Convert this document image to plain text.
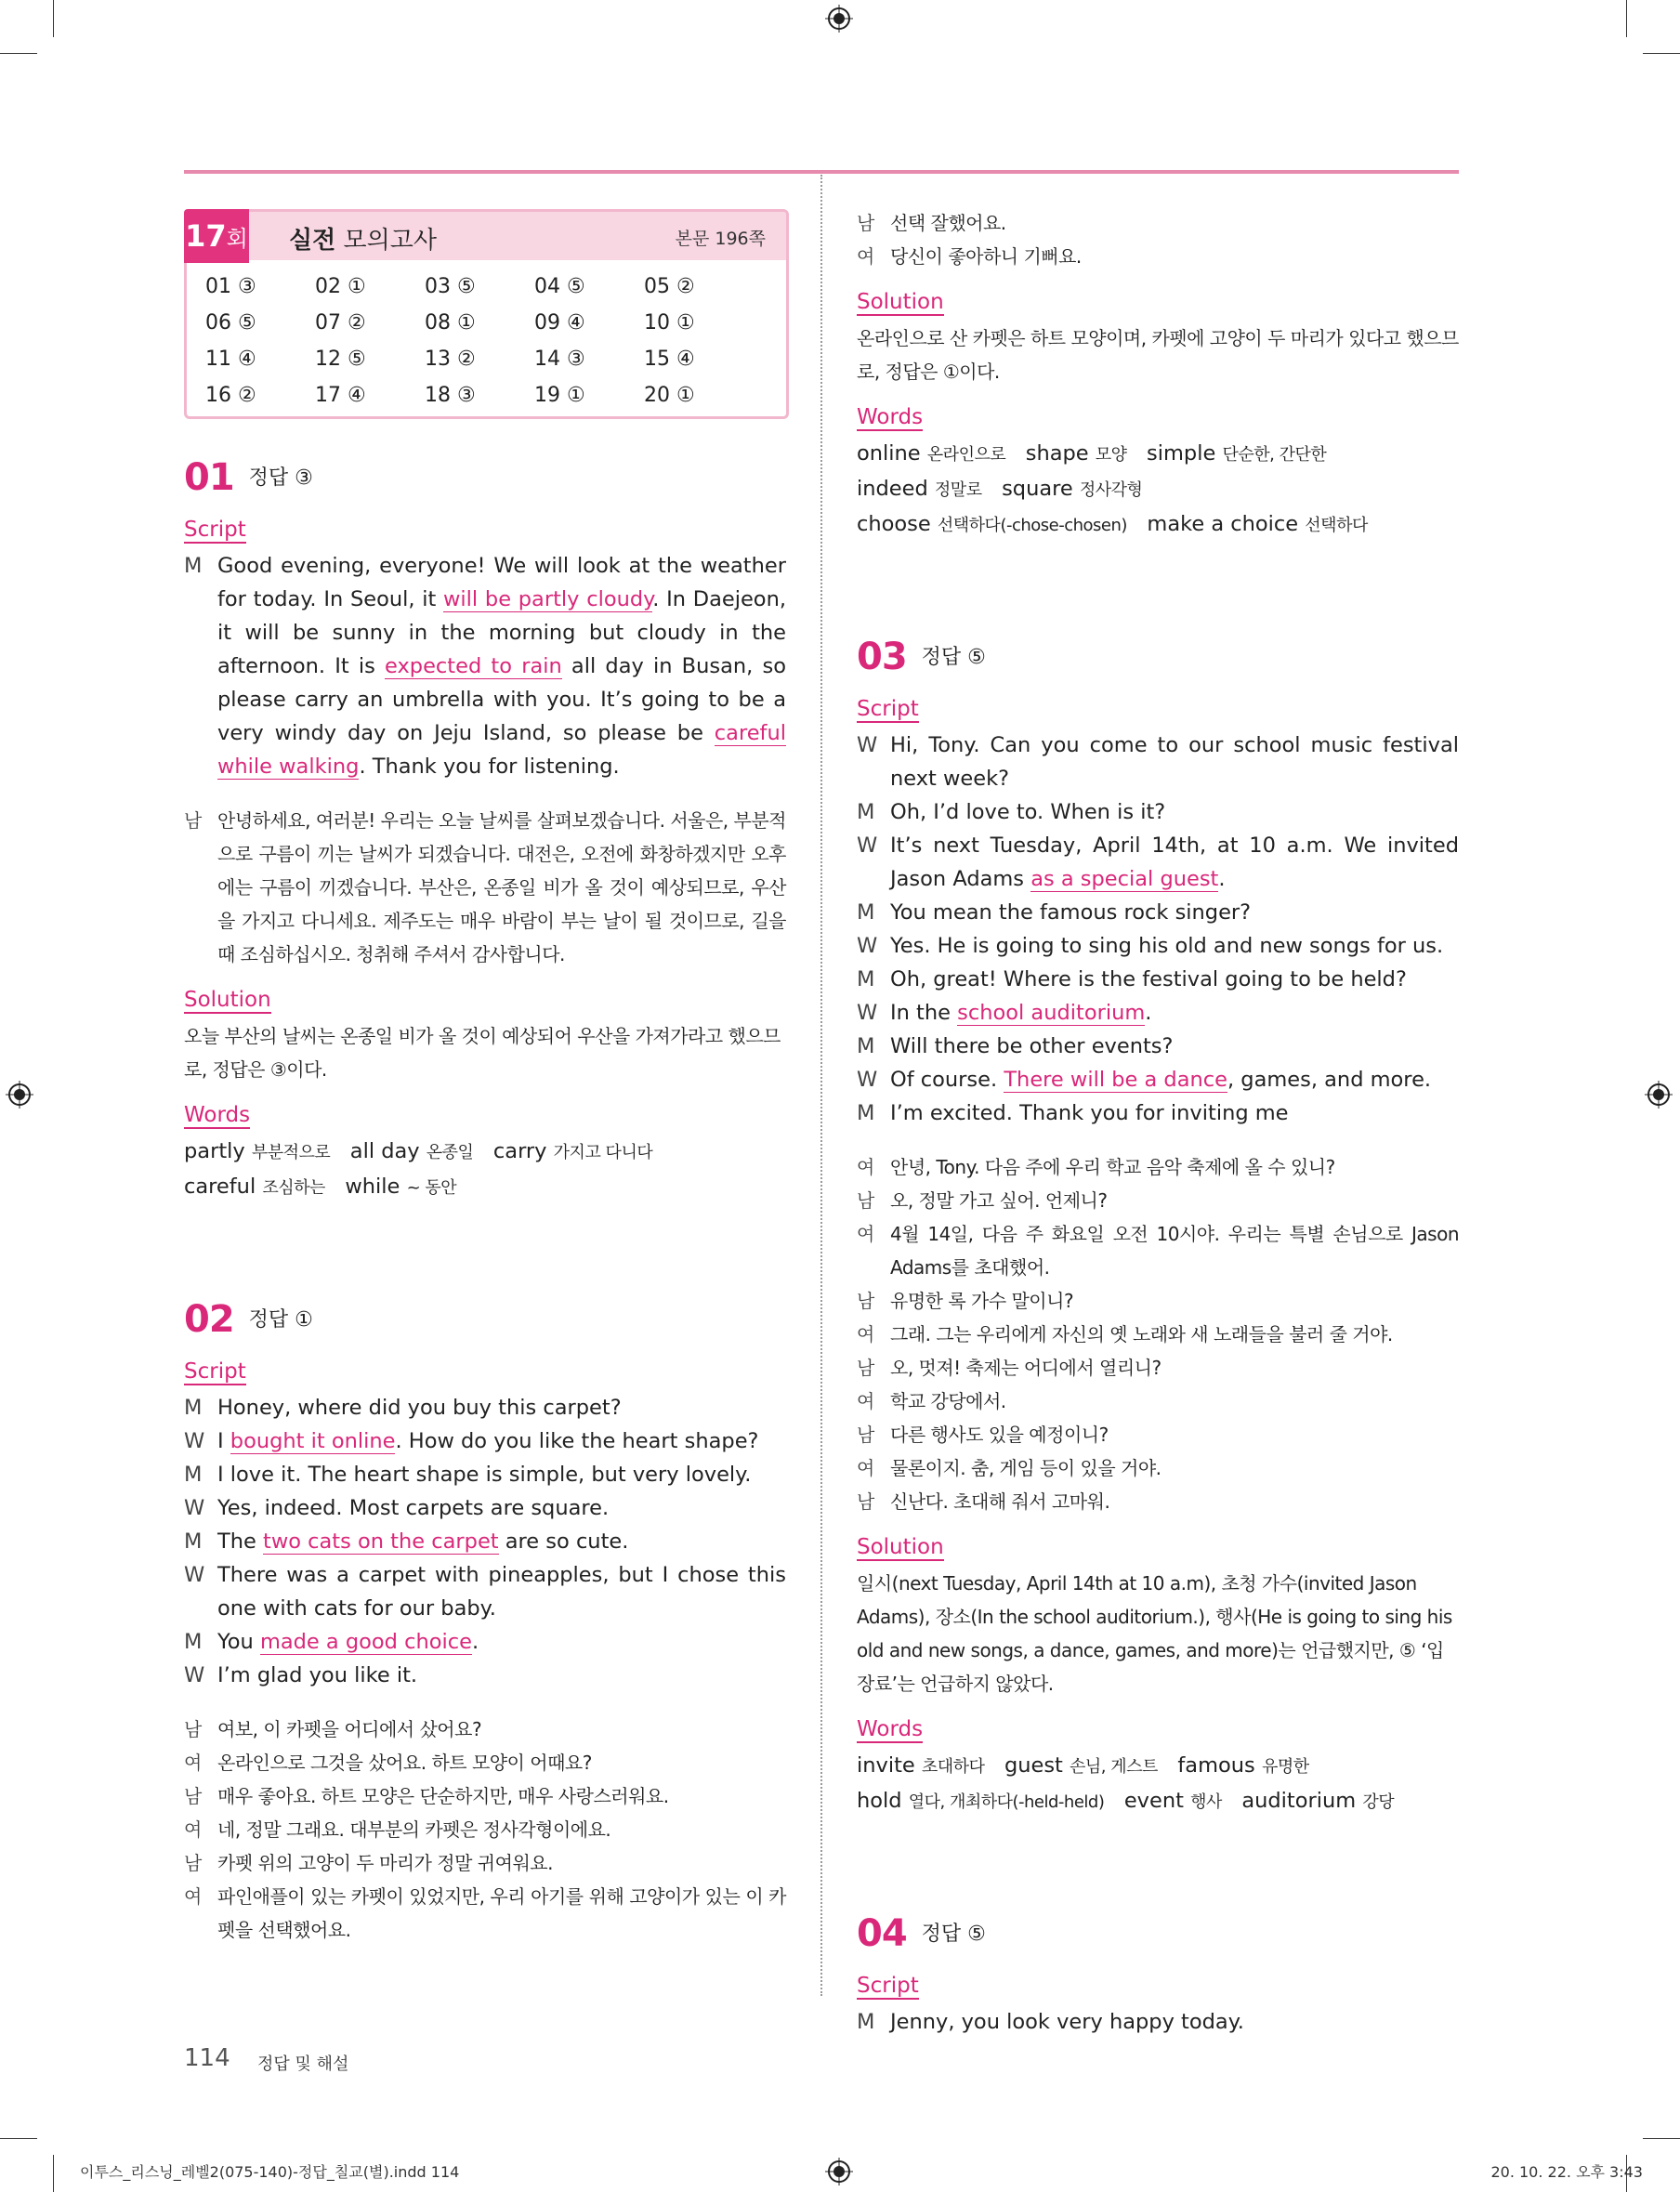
17회 실전 모의고사	본문 196쪽
01 ③	02 ①	03 ⑤	04 ⑤	05 ②
06 ⑤	07 ②	08 ①	09 ④	10 ①
11 ④	12 ⑤	13 ②	14 ③	15 ④
16 ②	17 ④	18 ③	19 ①	20 ①
01 정답 ③
Script
M Good evening, everyone! We will look at the weather for today. In Seoul, it will be partly cloudy. In Daejeon, it will be sunny in the morning but cloudy in the afternoon. It is expected to rain all day in Busan, so please carry an umbrella with you. It’s going to be a very windy day on Jeju Island, so please be careful while walking. Thank you for listening.
남 안녕하세요, 여러분! 우리는 오늘 날씨를 살펴보겠습니다. 서울은, 부분적으로 구름이 끼는 날씨가 되겠습니다. 대전은, 오전에 화창하겠지만 오후에는 구름이 끼겠습니다. 부산은, 온종일 비가 올 것이 예상되므로, 우산을 가지고 다니세요. 제주도는 매우 바람이 부는 날이 될 것이므로, 길을 때 조심하십시오. 청취해 주셔서 감사합니다.
Solution
오늘 부산의 날씨는 온종일 비가 올 것이 예상되어 우산을 가져가라고 했으므로, 정답은 ③이다.
Words
partly 부분적으로 all day 온종일 carry 가지고 다니다
careful 조심하는 while ~ 동안
02 정답 ①
Script
M Honey, where did you buy this carpet?
W I bought it online. How do you like the heart shape?
M I love it. The heart shape is simple, but very lovely.
W Yes, indeed. Most carpets are square.
M The two cats on the carpet are so cute.
W There was a carpet with pineapples, but I chose this one with cats for our baby.
M You made a good choice.
W I’m glad you like it.
남 여보, 이 카펫을 어디에서 샀어요?
여 온라인으로 그것을 샀어요. 하트 모양이 어때요?
남 매우 좋아요. 하트 모양은 단순하지만, 매우 사랑스러워요.
여 네, 정말 그래요. 대부분의 카펫은 정사각형이에요.
남 카펫 위의 고양이 두 마리가 정말 귀여워요.
여 파인애플이 있는 카펫이 있었지만, 우리 아기를 위해 고양이가 있는 이 카펫을 선택했어요.
남 선택 잘했어요.
여 당신이 좋아하니 기뻐요.
Solution
온라인으로 산 카펫은 하트 모양이며, 카펫에 고양이 두 마리가 있다고 했으므로, 정답은 ①이다.
Words
online 온라인으로 shape 모양 simple 단순한, 간단한
indeed 정말로 square 정사각형
choose 선택하다(-chose-chosen) make a choice 선택하다
03 정답 ⑤
Script
W Hi, Tony. Can you come to our school music festival next week?
M Oh, I’d love to. When is it?
W It’s next Tuesday, April 14th, at 10 a.m. We invited Jason Adams as a special guest.
M You mean the famous rock singer?
W Yes. He is going to sing his old and new songs for us.
M Oh, great! Where is the festival going to be held?
W In the school auditorium.
M Will there be other events?
W Of course. There will be a dance, games, and more.
M I’m excited. Thank you for inviting me
여 안녕, Tony. 다음 주에 우리 학교 음악 축제에 올 수 있니?
남 오, 정말 가고 싶어. 언제니?
여 4월 14일, 다음 주 화요일 오전 10시야. 우리는 특별 손님으로 Jason Adams를 초대했어.
남 유명한 록 가수 말이니?
여 그래. 그는 우리에게 자신의 옛 노래와 새 노래들을 불러 줄 거야.
남 오, 멋져! 축제는 어디에서 열리니?
여 학교 강당에서.
남 다른 행사도 있을 예정이니?
여 물론이지. 춤, 게임 등이 있을 거야.
남 신난다. 초대해 줘서 고마워.
Solution
일시(next Tuesday, April 14th at 10 a.m), 초청 가수(invited Jason Adams), 장소(In the school auditorium.), 행사(He is going to sing his old and new songs, a dance, games, and more)는 언급했지만, ⑤ ‘입장료’는 언급하지 않았다.
Words
invite 초대하다 guest 손님, 게스트 famous 유명한
hold 열다, 개최하다(-held-held) event 행사 auditorium 강당
04 정답 ⑤
Script
M Jenny, you look very happy today.
114 정답 및 해설
이투스_리스닝_레벨2(075-140)-정답_칠교(별).indd 114	20. 10. 22. 오후 3:43
